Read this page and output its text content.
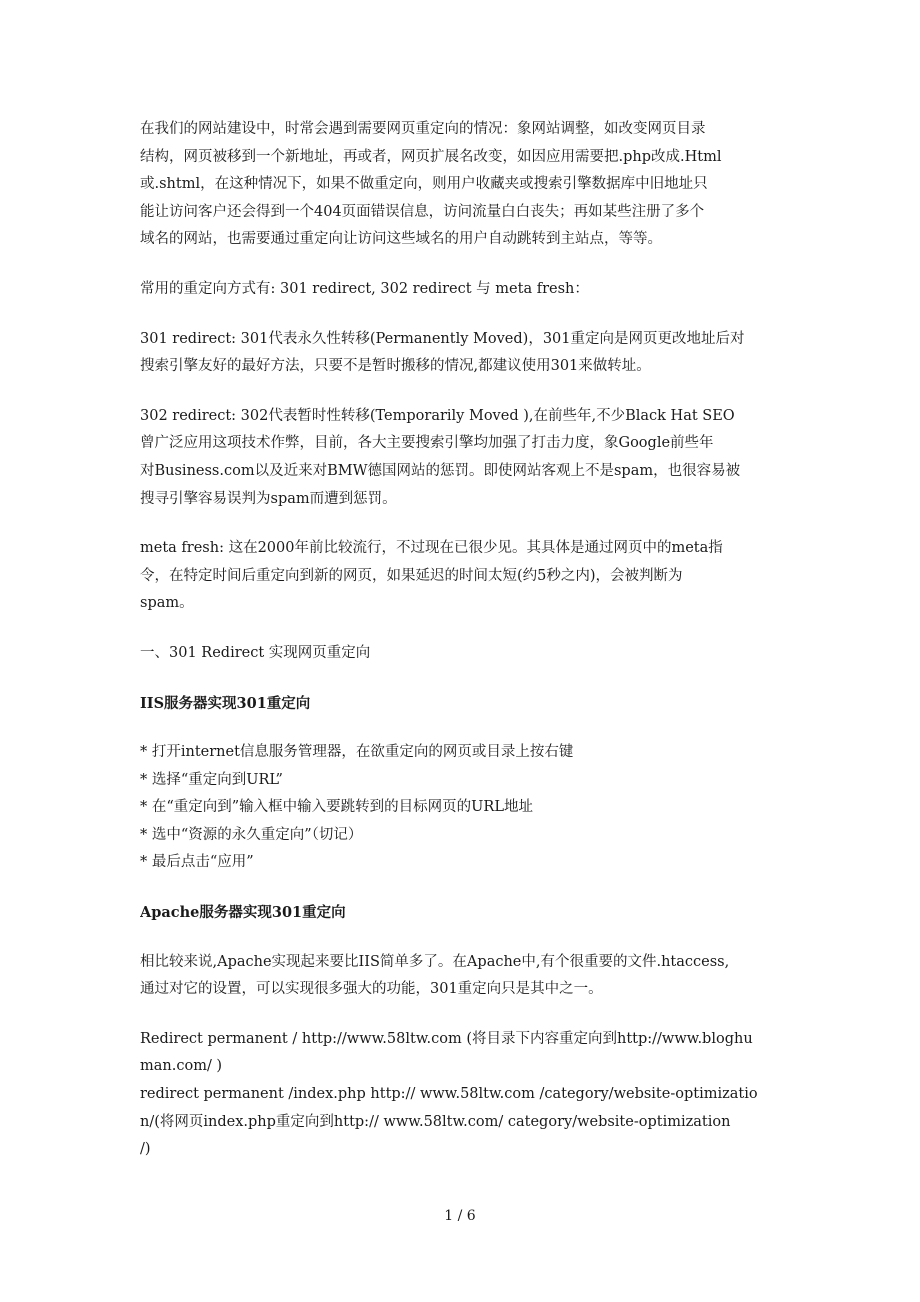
在我们的网站建设中，时常会遇到需要网页重定向的情况：象网站调整，如改变网页目录
结构，网页被移到一个新地址，再或者，网页扩展名改变，如因应用需要把.php改成.Html
或.shtml，在这种情况下，如果不做重定向，则用户收藏夹或搜索引擎数据库中旧地址只
能让访问客户还会得到一个404页面错误信息，访问流量白白丧失；再如某些注册了多个
域名的网站，也需要通过重定向让访问这些域名的用户自动跳转到主站点，等等。
常用的重定向方式有: 301 redirect, 302 redirect 与 meta fresh：
301 redirect: 301代表永久性转移(Permanently Moved)，301重定向是网页更改地址后对
搜索引擎友好的最好方法，只要不是暂时搬移的情况,都建议使用301来做转址。
302 redirect: 302代表暂时性转移(Temporarily Moved ),在前些年,不少Black Hat SEO
曾广泛应用这项技术作弊，目前，各大主要搜索引擎均加强了打击力度，象Google前些年
对Business.com以及近来对BMW德国网站的惩罚。即使网站客观上不是spam，也很容易被
搜寻引擎容易误判为spam而遭到惩罚。
meta fresh: 这在2000年前比较流行，不过现在已很少见。其具体是通过网页中的meta指
令，在特定时间后重定向到新的网页，如果延迟的时间太短(约5秒之内)，会被判断为
spam。
一、301 Redirect 实现网页重定向
IIS服务器实现301重定向
* 打开internet信息服务管理器，在欲重定向的网页或目录上按右键
* 选择“重定向到URL”
* 在“重定向到”输入框中输入要跳转到的目标网页的URL地址
* 选中“资源的永久重定向”（切记）
* 最后点击“应用”
Apache服务器实现301重定向
相比较来说,Apache实现起来要比IIS简单多了。在Apache中,有个很重要的文件.htaccess,
通过对它的设置，可以实现很多强大的功能，301重定向只是其中之一。
Redirect permanent / http://www.58ltw.com (将目录下内容重定向到http://www.bloghu
man.com/ )
redirect permanent /index.php http:// www.58ltw.com /category/website-optimizatio
n/(将网页index.php重定向到http:// www.58ltw.com/ category/website-optimization
/)
1 / 6
